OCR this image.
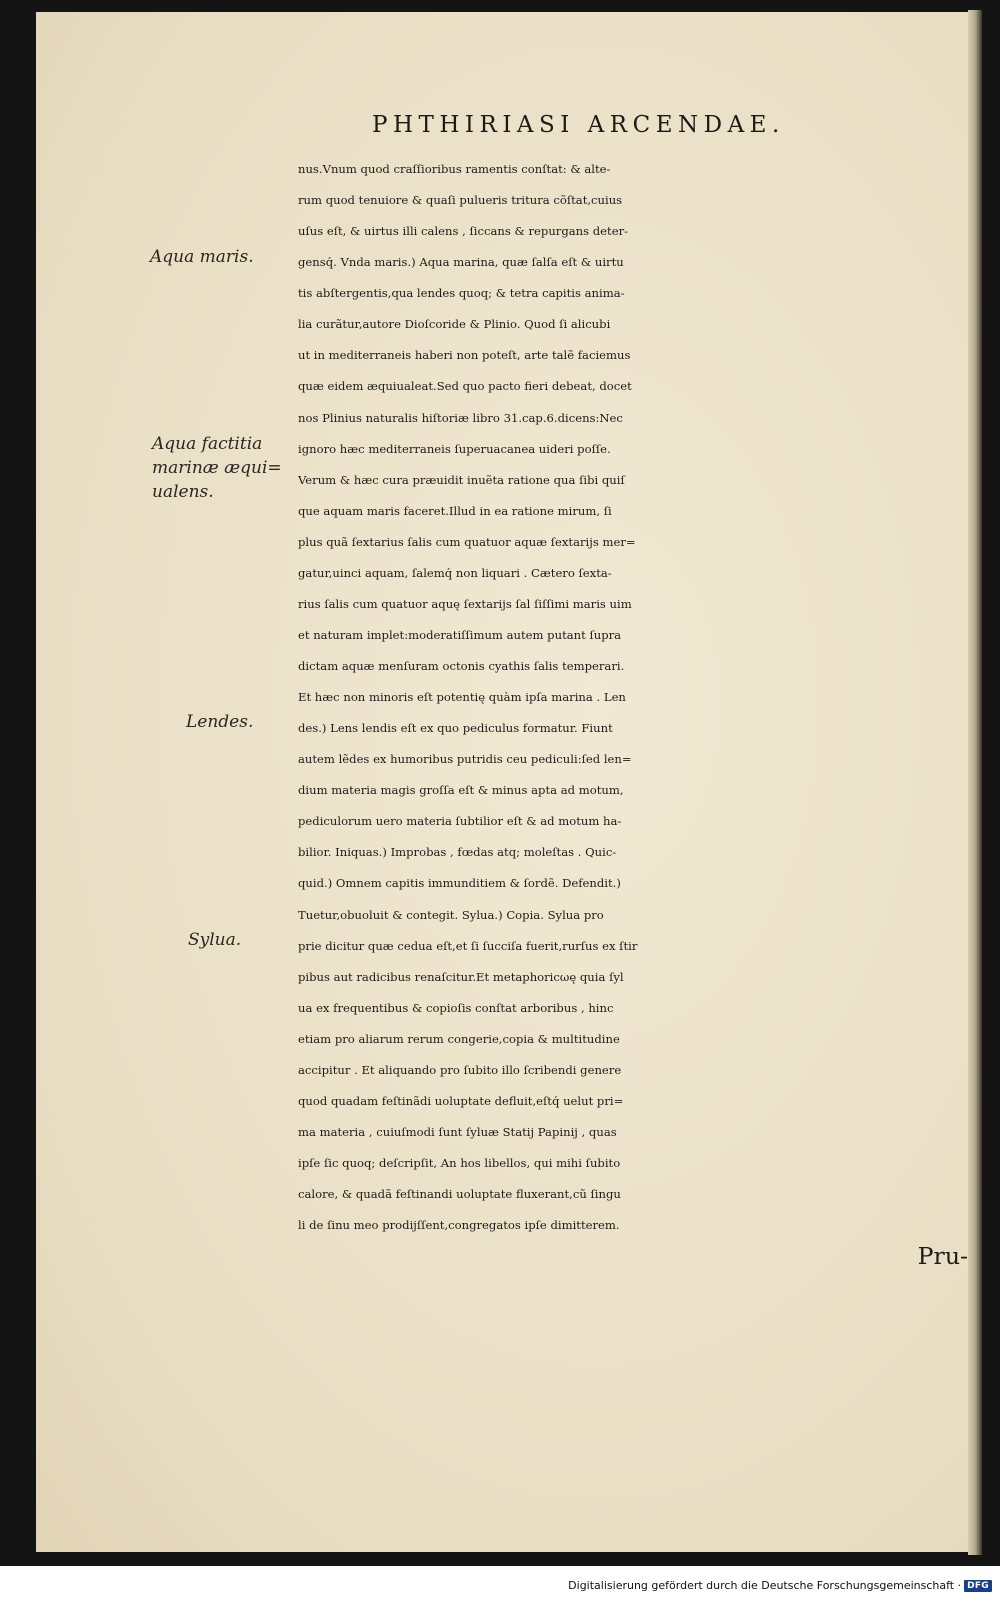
PHTHIRIASI ARCENDAE.
Aqua maris.
Aqua factitia
marinæ æqui=
ualens.
Lendes.
Sylua.
nus.Vnum quod craſſioribus ramentis conſtat: & alte-
rum quod tenuiore & quaſi pulueris tritura cõſtat,cuius
uſus eſt, & uirtus illi calens , ſiccans & repurgans deter-
gensq́. Vnda maris.) Aqua marina, quæ ſalſa eſt & uirtu
tis abſtergentis,qua lendes quoq; & tetra capitis anima-
lia curãtur,autore Dioſcoride & Plinio. Quod ſi alicubi
ut in mediterraneis haberi non poteſt, arte talẽ faciemus
quæ eidem æquiualeat.Sed quo pacto fieri debeat, docet
nos Plinius naturalis hiſtoriæ libro 31.cap.6.dicens:Nec
ignoro hæc mediterraneis ſuperuacanea uideri poſſe.
Verum & hæc cura præuidit inuẽta ratione qua ſibi quiſ
que aquam maris faceret.Illud in ea ratione mirum, ſi
plus quã ſextarius ſalis cum quatuor aquæ ſextarijs mer=
gatur,uinci aquam, ſalemq́ non liquari . Cætero ſexta-
rius ſalis cum quatuor aquę ſextarijs ſal ſiſſimi maris uim
et naturam implet:moderatiſſimum autem putant ſupra
dictam aquæ menſuram octonis cyathis ſalis temperari.
Et hæc non minoris eſt potentię quàm ipſa marina . Len
des.) Lens lendis eſt ex quo pediculus formatur. Fiunt
autem lẽdes ex humoribus putridis ceu pediculi:ſed len=
dium materia magis groſſa eſt & minus apta ad motum,
pediculorum uero materia ſubtilior eſt & ad motum ha-
bilior. Iniquas.) Improbas , fœdas atq; moleſtas . Quic-
quid.) Omnem capitis immunditiem & ſordẽ. Defendit.)
Tuetur,obuoluit & contegit. Sylua.) Copia. Sylua pro
prie dicitur quæ cedua eſt,et ſi ſucciſa fuerit,rurſus ex ſtir
pibus aut radicibus renaſcitur.Et metaphoricωę quia ſyl
ua ex frequentibus & copioſis conſtat arboribus , hinc
etiam pro aliarum rerum congerie,copia & multitudine
accipitur . Et aliquando pro ſubito illo ſcribendi genere
quod quadam feſtinãdi uoluptate defluit,eſtq́ uelut pri=
ma materia , cuiuſmodi ſunt ſyluæ Statij Papinij , quas
ipſe ſic quoq; deſcripſit, An hos libellos, qui mihi ſubito
calore, & quadã feſtinandi uoluptate fluxerant,cũ ſingu
li de ſinu meo prodijſſent,congregatos ipſe dimitterem.
Pru-
Digitalisierung gefördert durch die Deutsche Forschungsgemeinschaft · DFG
